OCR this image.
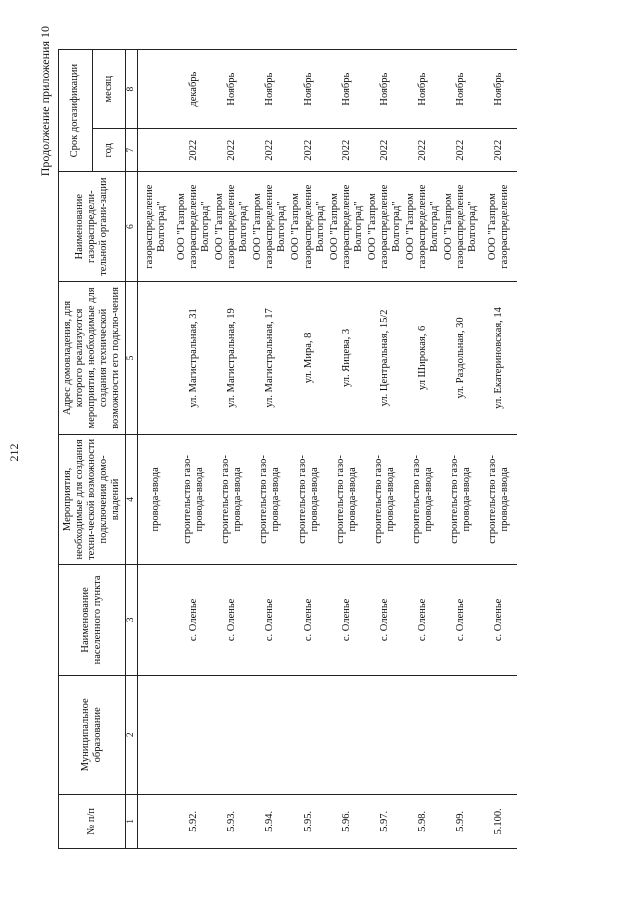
212
Продолжение приложения 10
№ п/п	Муниципальное образование	Наименование населенного пункта	Мероприятия, необходимые для создания техни-ческой возможности подключения домо-владений	Адрес домовладения, для которого реализуются мероприятия, необходимые для создания технической возможности его подклю-чения	Наименование газораспредели-тельной органи-зации	Срок догазификации	
						год	месяц
1	2	3	4	5	6	7	8
			провода-ввода		газораспределение Волгоград"		
5.92.		с. Оленье	строительство газо-провода-ввода	ул. Магистральная, 31	ООО "Газпром газораспределение Волгоград"	2022	декабрь
5.93.		с. Оленье	строительство газо-провода-ввода	ул. Магистральная, 19	ООО "Газпром газораспределение Волгоград"	2022	Ноябрь
5.94.		с. Оленье	строительство газо-провода-ввода	ул. Магистральная, 17	ООО "Газпром газораспределение Волгоград"	2022	Ноябрь
5.95.		с. Оленье	строительство газо-провода-ввода	ул. Мира, 8	ООО "Газпром газораспределение Волгоград"	2022	Ноябрь
5.96.		с. Оленье	строительство газо-провода-ввода	ул. Яицева, 3	ООО "Газпром газораспределение Волгоград"	2022	Ноябрь
5.97.		с. Оленье	строительство газо-провода-ввода	ул. Центральная, 15/2	ООО "Газпром газораспределение Волгоград"	2022	Ноябрь
5.98.		с. Оленье	строительство газо-провода-ввода	ул Широкая, 6	ООО "Газпром газораспределение Волгоград"	2022	Ноябрь
5.99.		с. Оленье	строительство газо-провода-ввода	ул. Раздольная, 30	ООО "Газпром газораспределение Волгоград"	2022	Ноябрь
5.100.		с. Оленье	строительство газо-провода-ввода	ул. Екатериновская, 14	ООО "Газпром газораспределение	2022	Ноябрь
